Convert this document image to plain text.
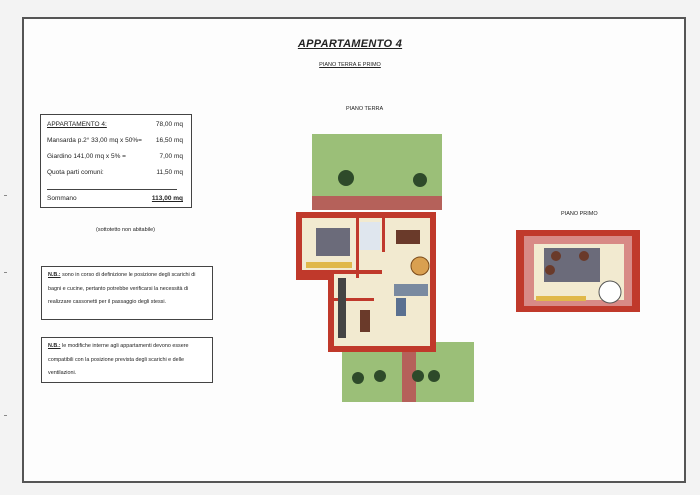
APPARTAMENTO 4
PIANO TERRA E PRIMO
APPARTAMENTO 4:	78,00 mq
Mansarda p.2° 33,00 mq x 50%= 16,50 mq
Giardino 141,00 mq x 5% =	7,00 mq
Quota parti comuni:	11,50 mq
Sommano	113,00 mq
(sottotetto non abitabile)
N.B.: sono in corso di definizione le posizione degli scarichi di bagni e cucine, pertanto potrebbe verificarsi la necessità di realizzare cassonetti per il passaggio degli stessi.
N.B.: le modifiche interne agli appartamenti devono essere compatibili con la posizione prevista degli scarichi e delle ventilazioni.
PIANO TERRA
PIANO PRIMO
